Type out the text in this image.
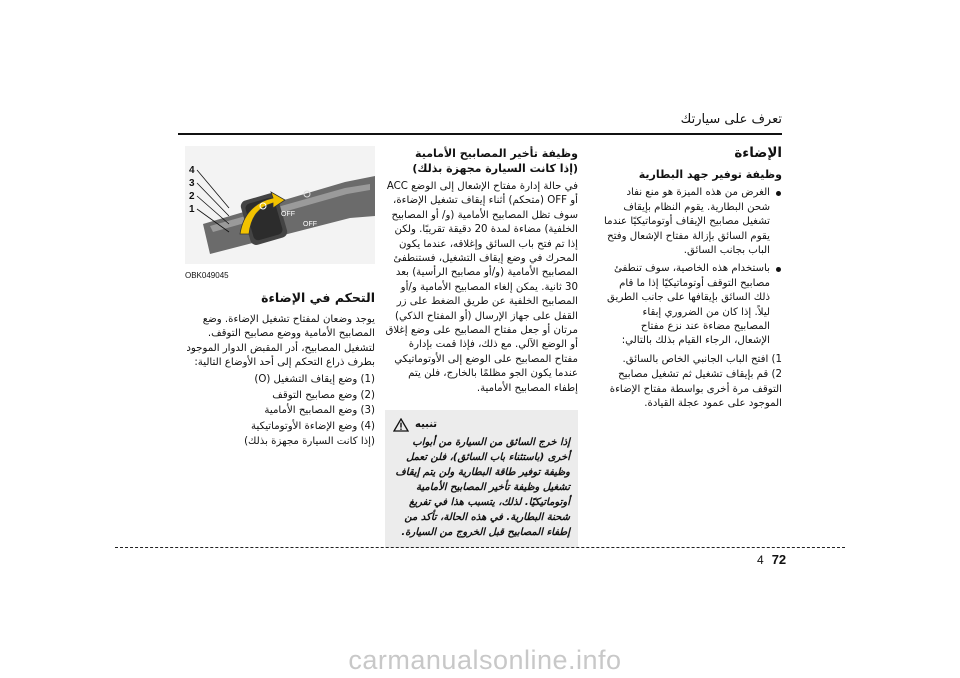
تعرف على سيارتك
الإضاءة
وظيفة توفير جهد البطارية
الغرض من هذه الميزة هو منع نفاد شحن البطارية. يقوم النظام بإيقاف تشغيل مصابيح الإيقاف أوتوماتيكيًا عندما يقوم السائق بإزالة مفتاح الإشعال وفتح الباب بجانب السائق.
باستخدام هذه الخاصية، سوف تنطفئ مصابيح التوقف أوتوماتيكيًا إذا ما قام ذلك السائق بإيقافها على جانب الطريق ليلاً. إذا كان من الضروري إبقاء المصابيح مضاءة عند نزع مفتاح الإشعال، الرجاء القيام بذلك بالتالي:
1) افتح الباب الجانبي الخاص بالسائق.
2) قم بإيقاف تشغيل ثم تشغيل مصابيح التوقف مرة أخرى بواسطة مفتاح الإضاءة الموجود على عمود عجلة القيادة.
وظيفة تأخير المصابيح الأمامية
(إذا كانت السيارة مجهزة بذلك)

في حالة إدارة مفتاح الإشعال إلى الوضع ACC أو OFF (متحكم) أثناء إيقاف تشغيل الإضاءة، سوف تظل المصابيح الأمامية (و/ أو المصابيح الخلفية) مضاءة لمدة 20 دقيقة تقريبًا. ولكن إذا تم فتح باب السائق وإغلاقه، عندما يكون المحرك في وضع إيقاف التشغيل، فستنطفئ المصابيح الأمامية (و/أو مصابيح الرأسية) بعد 30 ثانية. يمكن إلغاء المصابيح الأمامية و/أو المصابيح الخلفية عن طريق الضغط على زر القفل على جهاز الإرسال (أو المفتاح الذكي) مرتان أو جعل مفتاح المصابيح على وضع إغلاق أو الوضع الآلي. مع ذلك، فإذا قمت بإدارة مفتاح المصابيح على الوضع إلى الأوتوماتيكي عندما يكون الجو مظلمًا بالخارج، فلن يتم إطفاء المصابيح الأمامية.

تنبيه
إذا خرج السائق من السيارة من أبواب أخرى (باستثناء باب السائق)، فلن تعمل وظيفة توفير طاقة البطارية ولن يتم إيقاف تشغيل وظيفة تأخير المصابيح الأمامية أوتوماتيكيًا. لذلك، يتسبب هذا في تفريغ شحنة البطارية. في هذه الحالة، تأكد من إطفاء المصابيح قبل الخروج من السيارة.
OFF
OFF
4
3
2
1
OBK049045
التحكم في الإضاءة

يوجد وضعان لمفتاح تشغيل الإضاءة. وضع المصابيح الأمامية ووضع مصابيح التوقف. لتشغيل المصابيح، أدر المقبض الدوار الموجود بطرف ذراع التحكم إلى أحد الأوضاع التالية:

(1) وضع إيقاف التشغيل (O)
(2) وضع مصابيح التوقف
(3) وضع المصابيح الأمامية
(4) وضع الإضاءة الأوتوماتيكية
(إذا كانت السيارة مجهزة بذلك)
4 72
carmanualsonline.info
